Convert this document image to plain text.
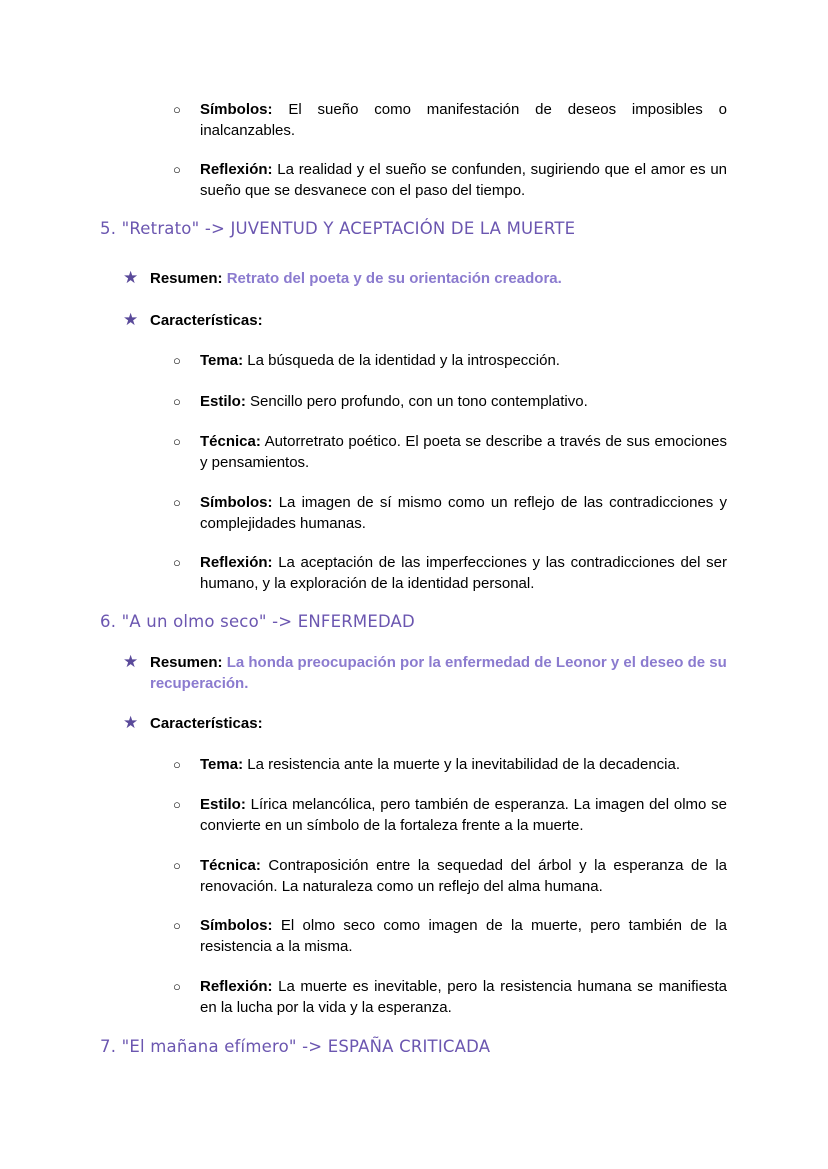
○ Símbolos: El sueño como manifestación de deseos imposibles o inalcanzables.
○ Reflexión: La realidad y el sueño se confunden, sugiriendo que el amor es un sueño que se desvanece con el paso del tiempo.
5. "Retrato" -> JUVENTUD Y ACEPTACIÓN DE LA MUERTE
★ Resumen: Retrato del poeta y de su orientación creadora.
★ Características:
○ Tema: La búsqueda de la identidad y la introspección.
○ Estilo: Sencillo pero profundo, con un tono contemplativo.
○ Técnica: Autorretrato poético. El poeta se describe a través de sus emociones y pensamientos.
○ Símbolos: La imagen de sí mismo como un reflejo de las contradicciones y complejidades humanas.
○ Reflexión: La aceptación de las imperfecciones y las contradicciones del ser humano, y la exploración de la identidad personal.
6. "A un olmo seco" -> ENFERMEDAD
★ Resumen: La honda preocupación por la enfermedad de Leonor y el deseo de su recuperación.
★ Características:
○ Tema: La resistencia ante la muerte y la inevitabilidad de la decadencia.
○ Estilo: Lírica melancólica, pero también de esperanza. La imagen del olmo se convierte en un símbolo de la fortaleza frente a la muerte.
○ Técnica: Contraposición entre la sequedad del árbol y la esperanza de la renovación. La naturaleza como un reflejo del alma humana.
○ Símbolos: El olmo seco como imagen de la muerte, pero también de la resistencia a la misma.
○ Reflexión: La muerte es inevitable, pero la resistencia humana se manifiesta en la lucha por la vida y la esperanza.
7. "El mañana efímero" -> ESPAÑA CRITICADA
